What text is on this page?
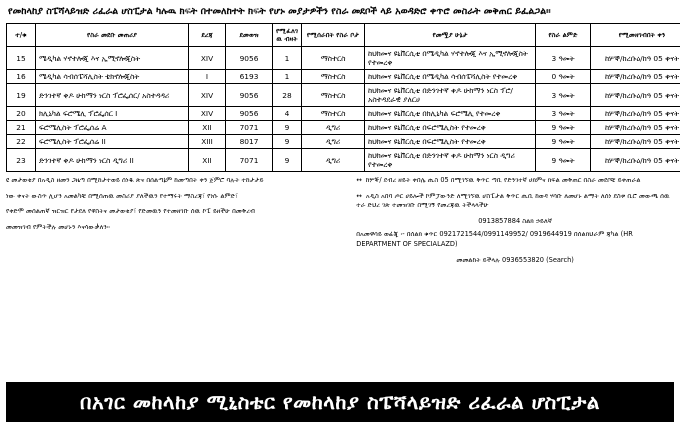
የመከላከያ ስፔሻላይዝድ ሪፈራል ሆስፒታል ካሉዉ ክፍት በተመለከተት ክፍት የሆኑ መያታዎችን የስራ መደቦች ላይ አወዳድሮ ቀጥሮ መስራት መቅጠር ይፈልጋል፡፡
ተ/ቁ	የስራ መደቡ መጠሪያ	ደረጃ	ደመወዝ	የሚፈለገዉ ብዛት	የሚሰራበት የስራ ቦታ	የመሟያ ሁኔታ	የስራ ልምድ	የሚመዘገብበት ቀን
15	ሜዲካል ሃኖተሎጂ እና ኢሚኖሎጂስት	XIV	9056	1	ማስተርስ	ከህክመና ዩኒቨርሲቲ በሜዲካል ሃኖተሎጂ እና ኢሚኖሎጂስት የተመረቀ	3 ዓመት	ከሦኞ/ከረቡዕ/ከዓ 05 ቀናት
16	ሜዲካል ሳብሰፔሻሊስት ቴክኖሎጂስት	I	6193	1	ማስተርስ	ከህክመና ዩኒቨርሲቲ በሜዲካል ሳብሰፔሻሊስት የተመረቀ	0 ዓመት	ከሦኞ/ከረቡዕ/ከዓ 05 ቀናት
19	ድንገተኛ ቀዶ ሁከማን ነርስ ፕሮፌሰር/ አስተዳዳሪ	XIV	9056	28	ማስተርስ	ከህክመና ዩኒቨርሲቲ በድንገተኛ ቀዶ ሁከማን ነርስ ፕሮ/ አስተዳደራዊ ያለርሀ	3 ዓመት	ከሦኞ/ከረቡዕ/ከዓ 05 ቀናት
20	ክሊኒካል ፍሮሜሊ ፕሮፌሰር I	XIV	9056	4	ማስተርስ	ከህክመና ዩኒቨርሲቲ በክሊኒካል ፍሮሜሊ የተመረቀ	3 ዓመት	ከሦኞ/ከረቡዕ/ከዓ 05 ቀናት
21	ፍሮሜሊስት ፕሮፌሰሬ A	XII	7071	9	ዲግሪ	ከህክመና ዩኒቨርሲቲ በፍሮሜሊስት የተመረቀ	9 ዓመት	ከሦኞ/ከረቡዕ/ከዓ 05 ቀናት
22	ፍሮሜሊስት ፕሮፌሰሬ II	XIII	8017	9	ዲግሪ	ከህክመና ዩኒቨርሲቲ በፍሮሜሊስት የተመረቀ	9 ዓመት	ከሦኞ/ከረቡዕ/ከዓ 05 ቀናት
23	ድንገተኛ ቀዶ ሁከማን ነርስ ዲግሪ II	XII	7071	9	ዲግሪ	ከህክመና ዩኒቨርሲቲ በድንገተኛ ቀዶ ሁከማን ነርስ ዲግሪ የተመረቀ	9 ዓመት	ከሦኞ/ከረቡዕ/ከዓ 05 ቀናት
ዩ መታወቂያ በአዲስ ዘመን ጋዜጣ በሚከታተወይ ሰነዱ ጽና በሰልጣኔም ከመጣበት ቀን ጀምሮ ባሉት ተከታታይ
ነው ቀናት ውስጥ ሊሆን አመልካቹ በሚሰጠዉ መስሪያ ያለችዉን የተማሩት ማስረጃ፣ የነሱ ልምድ፣
የቀድሞ መሰልጠኛ ዝርዝር የታደለ የዋስትና መታወቂያ፣ የድመዉን የተመዘገቡ ሰዉ ኮፒ ይዘችሁ በመቅረብ
መመዝገብ የምትችሉ መሆኑን እናሳውቃለን፡፡
↔ ከሦኞ/ ደብረ ዘይት ቀበሌ ጢስ 05 በሚገኘዉ ቅጥር ጣቢ የድንገተኛ ሀክምና ክፍል መቅጠር በስራ መደቦቹ ይቀጠራል
↔ አዲስ አበባ ጦር ሀይሎች ኮምፓውንድ ለሚገኘዉ ሆስፒታል ቅጥር ጢቢ ከወዳ ሃሳቡ ለመሆኑ ልማት ለሰነ ደስቱ ቢሮ መውጫ ሰዉ ተራ ድህረ ገጽ ተመዝገቡ በሚገኝ የመረጃዉ ትችላላችሁ
0913857884 ስልክ ኃይለኛ
በአመዋሳይ ወፊጂ ፡- በሰልክ ቁጥር 0921721544/0991149952/ 0919644919 በሰልክህራም ጃካል (HR DEPARTMENT OF SPECIALAZD)
መመልከት ይችላሉ 0936553820 (Search)
በአገር መከላከያ ሚኒስቴር የመከላከያ ስፔሻላይዝድ ሪፈራል ሆስፒታል
